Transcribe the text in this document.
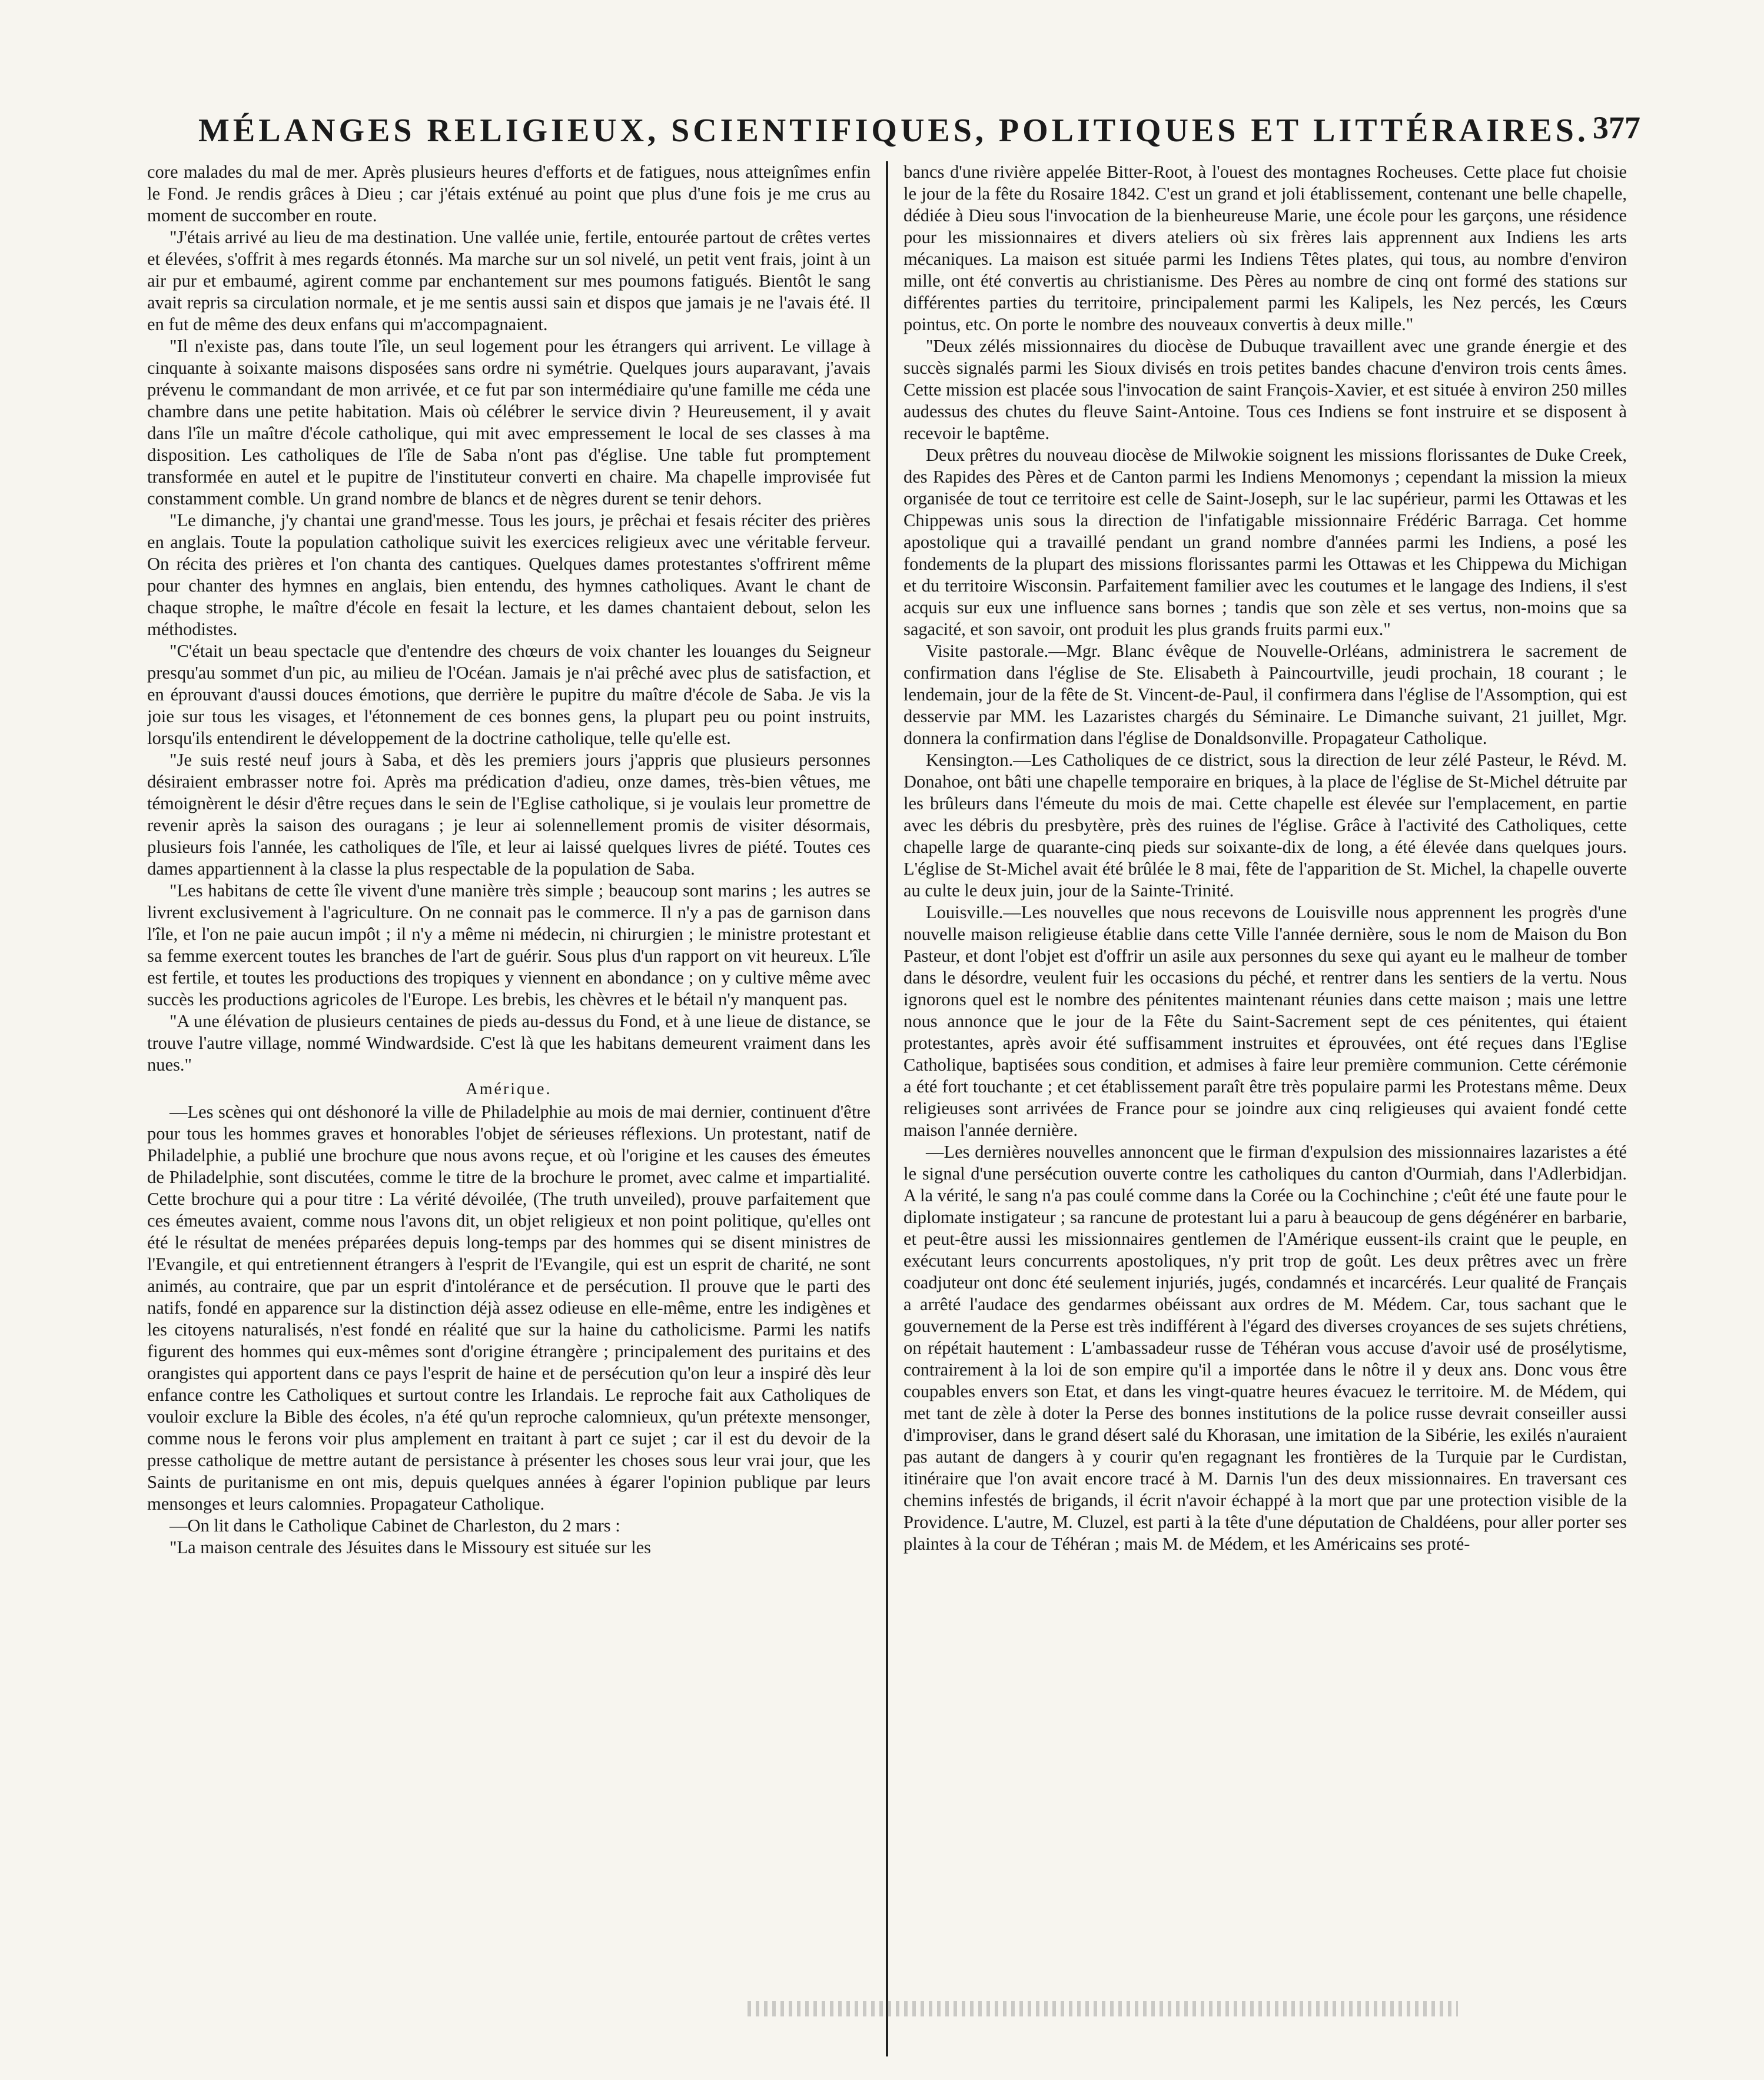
MÉLANGES RELIGIEUX, SCIENTIFIQUES, POLITIQUES ET LITTÉRAIRES. 377

core malades du mal de mer. Après plusieurs heures d'efforts et de fatigues, nous atteignîmes enfin le Fond. Je rendis grâces à Dieu ; car j'étais exténué au point que plus d'une fois je me crus au moment de succomber en route.

"J'étais arrivé au lieu de ma destination. Une vallée unie, fertile, entourée partout de crêtes vertes et élevées, s'offrit à mes regards étonnés. Ma marche sur un sol nivelé, un petit vent frais, joint à un air pur et embaumé, agirent comme par enchantement sur mes poumons fatigués. Bientôt le sang avait repris sa circulation normale, et je me sentis aussi sain et dispos que jamais je ne l'avais été. Il en fut de même des deux enfans qui m'accompagnaient.

"Il n'existe pas, dans toute l'île, un seul logement pour les étrangers qui arrivent. Le village à cinquante à soixante maisons disposées sans ordre ni symétrie. Quelques jours auparavant, j'avais prévenu le commandant de mon arrivée, et ce fut par son intermédiaire qu'une famille me céda une chambre dans une petite habitation. Mais où célébrer le service divin ? Heureusement, il y avait dans l'île un maître d'école catholique, qui mit avec empressement le local de ses classes à ma disposition. Les catholiques de l'île de Saba n'ont pas d'église. Une table fut promptement transformée en autel et le pupitre de l'instituteur converti en chaire. Ma chapelle improvisée fut constamment comble. Un grand nombre de blancs et de nègres durent se tenir dehors.

"Le dimanche, j'y chantai une grand'messe. Tous les jours, je prêchai et fesais réciter des prières en anglais. Toute la population catholique suivit les exercices religieux avec une véritable ferveur. On récita des prières et l'on chanta des cantiques. Quelques dames protestantes s'offrirent même pour chanter des hymnes en anglais, bien entendu, des hymnes catholiques. Avant le chant de chaque strophe, le maître d'école en fesait la lecture, et les dames chantaient debout, selon les méthodistes.

"C'était un beau spectacle que d'entendre des chœurs de voix chanter les louanges du Seigneur presqu'au sommet d'un pic, au milieu de l'Océan. Jamais je n'ai prêché avec plus de satisfaction, et en éprouvant d'aussi douces émotions, que derrière le pupitre du maître d'école de Saba. Je vis la joie sur tous les visages, et l'étonnement de ces bonnes gens, la plupart peu ou point instruits, lorsqu'ils entendirent le développement de la doctrine catholique, telle qu'elle est.

"Je suis resté neuf jours à Saba, et dès les premiers jours j'appris que plusieurs personnes désiraient embrasser notre foi. Après ma prédication d'adieu, onze dames, très-bien vêtues, me témoignèrent le désir d'être reçues dans le sein de l'Eglise catholique, si je voulais leur promettre de revenir après la saison des ouragans ; je leur ai solennellement promis de visiter désormais, plusieurs fois l'année, les catholiques de l'île, et leur ai laissé quelques livres de piété. Toutes ces dames appartiennent à la classe la plus respectable de la population de Saba.

"Les habitans de cette île vivent d'une manière très simple ; beaucoup sont marins ; les autres se livrent exclusivement à l'agriculture. On ne connait pas le commerce. Il n'y a pas de garnison dans l'île, et l'on ne paie aucun impôt ; il n'y a même ni médecin, ni chirurgien ; le ministre protestant et sa femme exercent toutes les branches de l'art de guérir. Sous plus d'un rapport on vit heureux. L'île est fertile, et toutes les productions des tropiques y viennent en abondance ; on y cultive même avec succès les productions agricoles de l'Europe. Les brebis, les chèvres et le bétail n'y manquent pas.

"A une élévation de plusieurs centaines de pieds au-dessus du Fond, et à une lieue de distance, se trouve l'autre village, nommé Windwardside. C'est là que les habitans demeurent vraiment dans les nues."

Amérique.

—Les scènes qui ont déshonoré la ville de Philadelphie au mois de mai dernier, continuent d'être pour tous les hommes graves et honorables l'objet de sérieuses réflexions. Un protestant, natif de Philadelphie, a publié une brochure que nous avons reçue, et où l'origine et les causes des émeutes de Philadelphie, sont discutées, comme le titre de la brochure le promet, avec calme et impartialité. Cette brochure qui a pour titre : La vérité dévoilée, (The truth unveiled), prouve parfaitement que ces émeutes avaient, comme nous l'avons dit, un objet religieux et non point politique, qu'elles ont été le résultat de menées préparées depuis long-temps par des hommes qui se disent ministres de l'Evangile, et qui entretiennent étrangers à l'esprit de l'Evangile, qui est un esprit de charité, ne sont animés, au contraire, que par un esprit d'intolérance et de persécution. Il prouve que le parti des natifs, fondé en apparence sur la distinction déjà assez odieuse en elle-même, entre les indigènes et les citoyens naturalisés, n'est fondé en réalité que sur la haine du catholicisme. Parmi les natifs figurent des hommes qui eux-mêmes sont d'origine étrangère ; principalement des puritains et des orangistes qui apportent dans ce pays l'esprit de haine et de persécution qu'on leur a inspiré dès leur enfance contre les Catholiques et surtout contre les Irlandais. Le reproche fait aux Catholiques de vouloir exclure la Bible des écoles, n'a été qu'un reproche calomnieux, qu'un prétexte mensonger, comme nous le ferons voir plus amplement en traitant à part ce sujet ; car il est du devoir de la presse catholique de mettre autant de persistance à présenter les choses sous leur vrai jour, que les Saints de puritanisme en ont mis, depuis quelques années à égarer l'opinion publique par leurs mensonges et leurs calomnies. Propagateur Catholique.

—On lit dans le Catholique Cabinet de Charleston, du 2 mars :

"La maison centrale des Jésuites dans le Missoury est située sur les

bancs d'une rivière appelée Bitter-Root, à l'ouest des montagnes Rocheuses. Cette place fut choisie le jour de la fête du Rosaire 1842. C'est un grand et joli établissement, contenant une belle chapelle, dédiée à Dieu sous l'invocation de la bienheureuse Marie, une école pour les garçons, une résidence pour les missionnaires et divers ateliers où six frères lais apprennent aux Indiens les arts mécaniques. La maison est située parmi les Indiens Têtes plates, qui tous, au nombre d'environ mille, ont été convertis au christianisme. Des Pères au nombre de cinq ont formé des stations sur différentes parties du territoire, principalement parmi les Kalipels, les Nez percés, les Cœurs pointus, etc. On porte le nombre des nouveaux convertis à deux mille."

"Deux zélés missionnaires du diocèse de Dubuque travaillent avec une grande énergie et des succès signalés parmi les Sioux divisés en trois petites bandes chacune d'environ trois cents âmes. Cette mission est placée sous l'invocation de saint François-Xavier, et est située à environ 250 milles audessus des chutes du fleuve Saint-Antoine. Tous ces Indiens se font instruire et se disposent à recevoir le baptême.

Deux prêtres du nouveau diocèse de Milwokie soignent les missions florissantes de Duke Creek, des Rapides des Pères et de Canton parmi les Indiens Menomonys ; cependant la mission la mieux organisée de tout ce territoire est celle de Saint-Joseph, sur le lac supérieur, parmi les Ottawas et les Chippewas unis sous la direction de l'infatigable missionnaire Frédéric Barraga. Cet homme apostolique qui a travaillé pendant un grand nombre d'années parmi les Indiens, a posé les fondements de la plupart des missions florissantes parmi les Ottawas et les Chippewa du Michigan et du territoire Wisconsin. Parfaitement familier avec les coutumes et le langage des Indiens, il s'est acquis sur eux une influence sans bornes ; tandis que son zèle et ses vertus, non-moins que sa sagacité, et son savoir, ont produit les plus grands fruits parmi eux."

Visite pastorale.—Mgr. Blanc évêque de Nouvelle-Orléans, administrera le sacrement de confirmation dans l'église de Ste. Elisabeth à Paincourtville, jeudi prochain, 18 courant ; le lendemain, jour de la fête de St. Vincent-de-Paul, il confirmera dans l'église de l'Assomption, qui est desservie par MM. les Lazaristes chargés du Séminaire. Le Dimanche suivant, 21 juillet, Mgr. donnera la confirmation dans l'église de Donaldsonville. Propagateur Catholique.

Kensington.—Les Catholiques de ce district, sous la direction de leur zélé Pasteur, le Révd. M. Donahoe, ont bâti une chapelle temporaire en briques, à la place de l'église de St-Michel détruite par les brûleurs dans l'émeute du mois de mai. Cette chapelle est élevée sur l'emplacement, en partie avec les débris du presbytère, près des ruines de l'église. Grâce à l'activité des Catholiques, cette chapelle large de quarante-cinq pieds sur soixante-dix de long, a été élevée dans quelques jours. L'église de St-Michel avait été brûlée le 8 mai, fête de l'apparition de St. Michel, la chapelle ouverte au culte le deux juin, jour de la Sainte-Trinité.

Louisville.—Les nouvelles que nous recevons de Louisville nous apprennent les progrès d'une nouvelle maison religieuse établie dans cette Ville l'année dernière, sous le nom de Maison du Bon Pasteur, et dont l'objet est d'offrir un asile aux personnes du sexe qui ayant eu le malheur de tomber dans le désordre, veulent fuir les occasions du péché, et rentrer dans les sentiers de la vertu. Nous ignorons quel est le nombre des pénitentes maintenant réunies dans cette maison ; mais une lettre nous annonce que le jour de la Fête du Saint-Sacrement sept de ces pénitentes, qui étaient protestantes, après avoir été suffisamment instruites et éprouvées, ont été reçues dans l'Eglise Catholique, baptisées sous condition, et admises à faire leur première communion. Cette cérémonie a été fort touchante ; et cet établissement paraît être très populaire parmi les Protestans même. Deux religieuses sont arrivées de France pour se joindre aux cinq religieuses qui avaient fondé cette maison l'année dernière.

—Les dernières nouvelles annoncent que le firman d'expulsion des missionnaires lazaristes a été le signal d'une persécution ouverte contre les catholiques du canton d'Ourmiah, dans l'Adlerbidjan. A la vérité, le sang n'a pas coulé comme dans la Corée ou la Cochinchine ; c'eût été une faute pour le diplomate instigateur ; sa rancune de protestant lui a paru à beaucoup de gens dégénérer en barbarie, et peut-être aussi les missionnaires gentlemen de l'Amérique eussent-ils craint que le peuple, en exécutant leurs concurrents apostoliques, n'y prit trop de goût. Les deux prêtres avec un frère coadjuteur ont donc été seulement injuriés, jugés, condamnés et incarcérés. Leur qualité de Français a arrêté l'audace des gendarmes obéissant aux ordres de M. Médem. Car, tous sachant que le gouvernement de la Perse est très indifférent à l'égard des diverses croyances de ses sujets chrétiens, on répétait hautement : L'ambassadeur russe de Téhéran vous accuse d'avoir usé de prosélytisme, contrairement à la loi de son empire qu'il a importée dans le nôtre il y deux ans. Donc vous être coupables envers son Etat, et dans les vingt-quatre heures évacuez le territoire. M. de Médem, qui met tant de zèle à doter la Perse des bonnes institutions de la police russe devrait conseiller aussi d'improviser, dans le grand désert salé du Khorasan, une imitation de la Sibérie, les exilés n'auraient pas autant de dangers à y courir qu'en regagnant les frontières de la Turquie par le Curdistan, itinéraire que l'on avait encore tracé à M. Darnis l'un des deux missionnaires. En traversant ces chemins infestés de brigands, il écrit n'avoir échappé à la mort que par une protection visible de la Providence. L'autre, M. Cluzel, est parti à la tête d'une députation de Chaldéens, pour aller porter ses plaintes à la cour de Téhéran ; mais M. de Médem, et les Américains ses proté-
